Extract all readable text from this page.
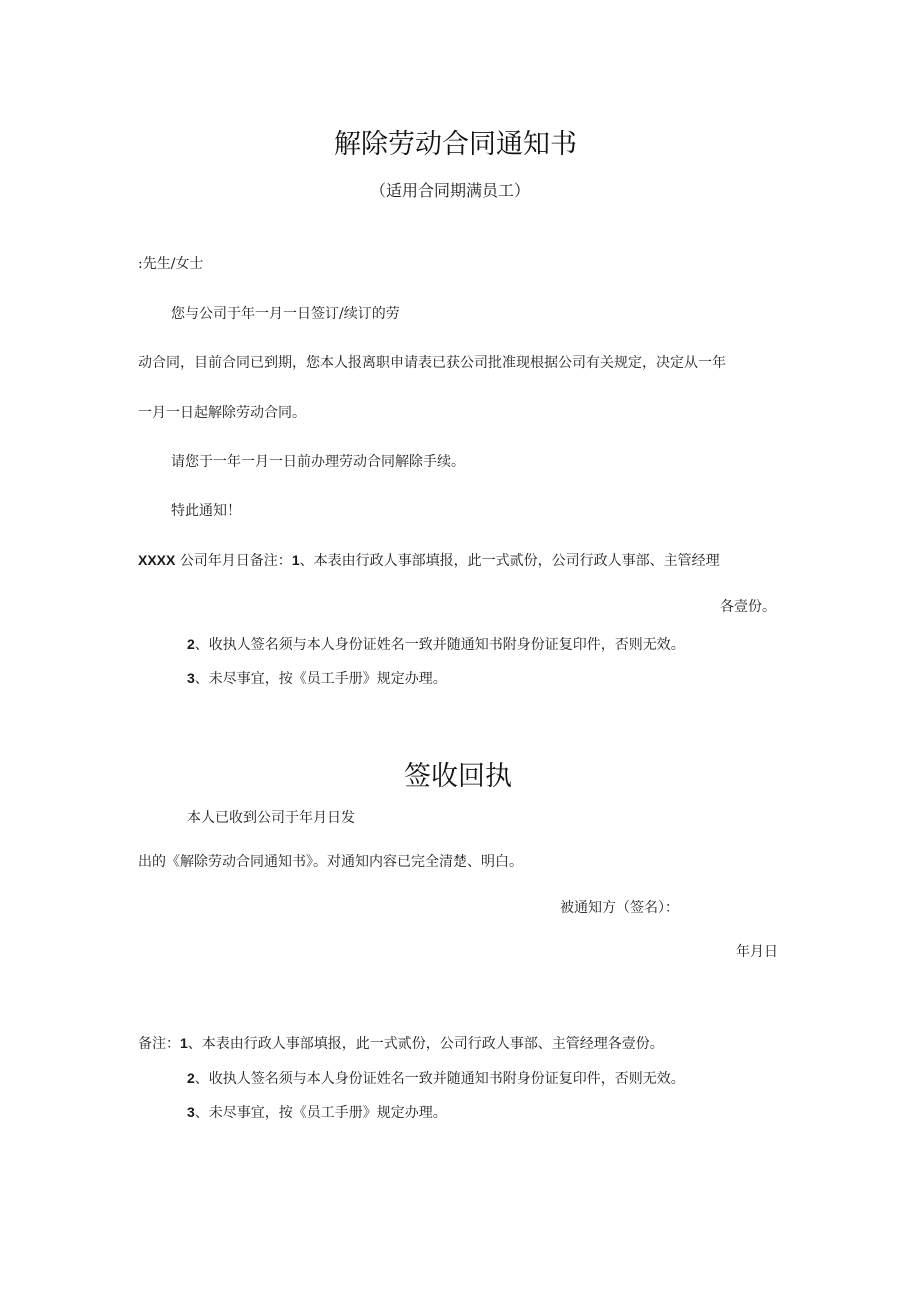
解除劳动合同通知书
（适用合同期满员工）
:先生/女士
您与公司于年一月一日签订/续订的劳
动合同，目前合同已到期，您本人报离职申请表已获公司批准现根据公司有关规定，决定从一年
一月一日起解除劳动合同。
请您于一年一月一日前办理劳动合同解除手续。
特此通知！
XXXX 公司年月日备注：1、本表由行政人事部填报，此一式贰份，公司行政人事部、主管经理
各壹份。
2、收执人签名须与本人身份证姓名一致并随通知书附身份证复印件，否则无效。
3、未尽事宜，按《员工手册》规定办理。
签收回执
本人已收到公司于年月日发
出的《解除劳动合同通知书》。对通知内容已完全清楚、明白。
被通知方（签名）：
年月日
备注：1、本表由行政人事部填报，此一式贰份，公司行政人事部、主管经理各壹份。
2、收执人签名须与本人身份证姓名一致并随通知书附身份证复印件，否则无效。
3、未尽事宜，按《员工手册》规定办理。
